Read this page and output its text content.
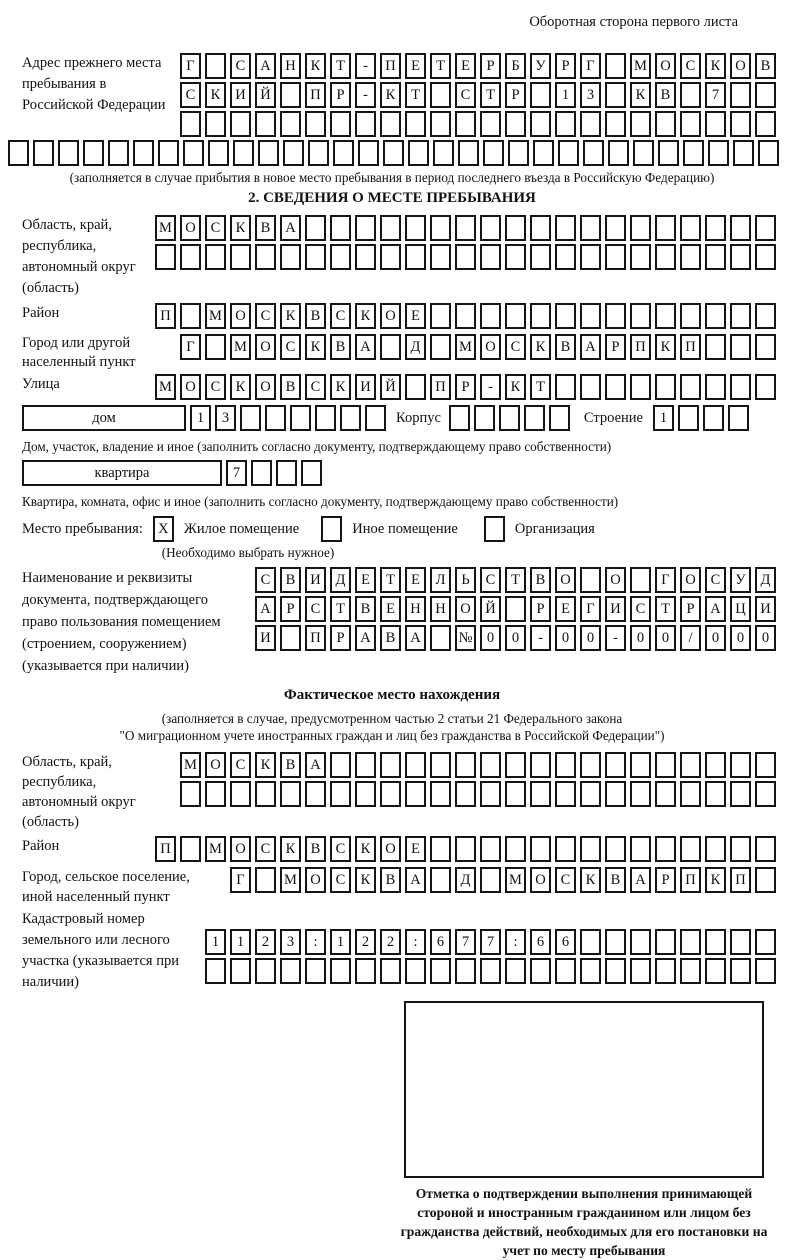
Оборотная сторона первого листа
Адрес прежнего места пребывания в Российской Федерации
Г	С	А	Н	К	Т	-	П	Е	Т	Е	Р	Б	У	Р	Г	М О	С	К	О	В
С	К	И	Й	П	Р	-	К	Т	С	Т	Р	1	3	К	В	7
(заполняется в случае прибытия в новое место пребывания в период последнего въезда в Российскую Федерацию)
2. СВЕДЕНИЯ О МЕСТЕ ПРЕБЫВАНИЯ
Область, край, республика, автономный округ (область)
М О	С	К	В	А
Район	П	М О	С	К	В	С	К	О	Е
Город или другой населенный пункт
Г	М О	С	К	В	А	Д	М О	С	К	В	А	Р	П	К	П
Улица	М О	С	К	О	В	С	К	И	Й	П	Р	-	К	Т
дом	1	3	Корпус	Строение	1
Дом, участок, владение и иное (заполнить согласно документу, подтверждающему право собственности)
квартира	7
Квартира, комната, офис и иное (заполнить согласно документу, подтверждающему право собственности)
Место пребывания:	X	Жилое помещение	Иное помещение	Организация
(Необходимо выбрать нужное)
Наименование и реквизиты документа, подтверждающего право пользования помещением (строением, сооружением) (указывается при наличии)
С	В	И	Д	Е	Т	Е	Л	Ь	С	Т	В	О	О	Г	О	С	У	Д
А	Р	С	Т	В	Е	Н	Н	О	Й	Р	Е	Г	И	С	Т	Р	А	Ц	И
И	П	Р	А	В	А	№ 0	0	-	0	0	-	0	0	/	0	0	0
Фактическое место нахождения
(заполняется в случае, предусмотренном частью 2 статьи 21 Федерального закона
"О миграционном учете иностранных граждан и лиц без гражданства в Российской Федерации")
Область, край, республика, автономный округ (область)
М О	С	К	В	А
Район	П	М О	С	К	В	С	К	О	Е
Город, сельское поселение, иной населенный пункт
Г	М О	С	К	В	А	Д	М О	С	К	В	А	Р	П	К	П
Кадастровый номер земельного или лесного участка (указывается при наличии)
1	1	2	3	:	1	2	2	:	6	7	7	:	6	6
Отметка о подтверждении выполнения принимающей стороной и иностранным гражданином или лицом без гражданства действий, необходимых для его постановки на учет по месту пребывания
